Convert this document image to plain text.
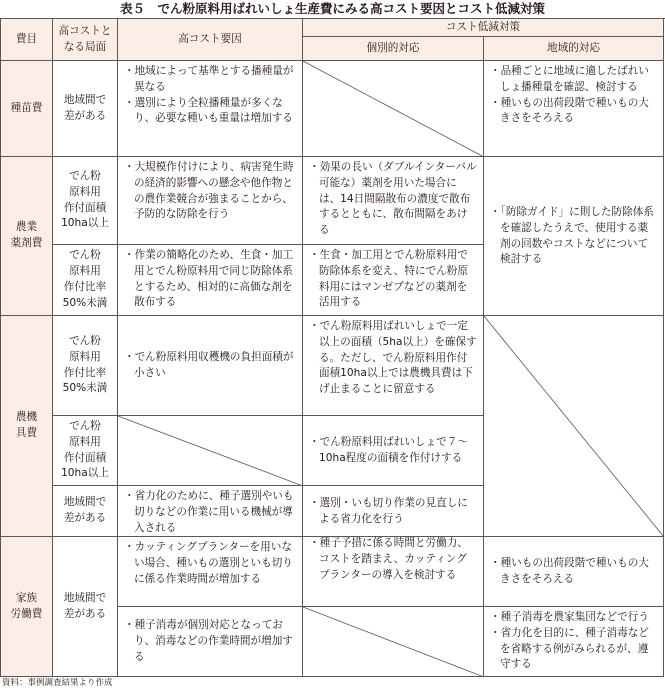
表５　でん粉原料用ばれいしょ生産費にみる高コスト要因とコスト低減対策
費目
高コストと
なる局面
高コスト要因
コスト低減対策
個別的対応	地域的対応
種苗費
地域間で
差がある
・地域によって基準とする播種量が異なる
・選別により全粒播種量が多くなり、必要な種いも重量は増加する
・品種ごとに地域に適したばれいしょ播種量を確認、検討する
・種いもの出荷段階で種いもの大きさをそろえる
農業
薬剤費
でん粉
原料用
作付面積
10ha以上
・大規模作付けにより、病害発生時の経済的影響への懸念や他作物との農作業競合が強まることから、予防的な防除を行う
・効果の長い（ダブルインターバル可能な）薬剤を用いた場合には、14日間隔散布の濃度で散布するとともに、散布間隔をあける
でん粉
原料用
作付比率
50%未満
・作業の簡略化のため、生食・加工用とでん粉原料用で同じ防除体系とするため、相対的に高価な剤を散布する
・生食・加工用とでん粉原料用で防除体系を変え、特にでん粉原料用にはマンゼブなどの薬剤を活用する
・「防除ガイド」に則した防除体系を確認したうえで、使用する薬剤の回数やコストなどについて検討する
農機
具費
でん粉
原料用
作付比率
50%未満
・でん粉原料用収穫機の負担面積が小さい
・でん粉原料用ばれいしょで一定以上の面積（5ha以上）を確保する。ただし、でん粉原料用作付面積10ha以上では農機具費は下げ止まることに留意する
でん粉
原料用
作付面積
10ha以上
・でん粉原料用ばれいしょで７～10ha程度の面積を作付けする
地域間で
差がある
・省力化のために、種子選別やいも切りなどの作業に用いる機械が導入される
・選別・いも切り作業の見直しによる省力化を行う
家族
労働費
地域間で
差がある
・カッティングプランターを用いない場合、種いもの選別といも切りに係る作業時間が増加する
・種子予措に係る時間と労働力、コストを踏まえ、カッティングプランターの導入を検討する
・種いもの出荷段階で種いもの大きさをそろえる
・種子消毒が個別対応となっており、消毒などの作業時間が増加する
・種子消毒を農家集団などで行う
・省力化を目的に、種子消毒などを省略する例がみられるが、遵守する
資料：事例調査結果より作成
